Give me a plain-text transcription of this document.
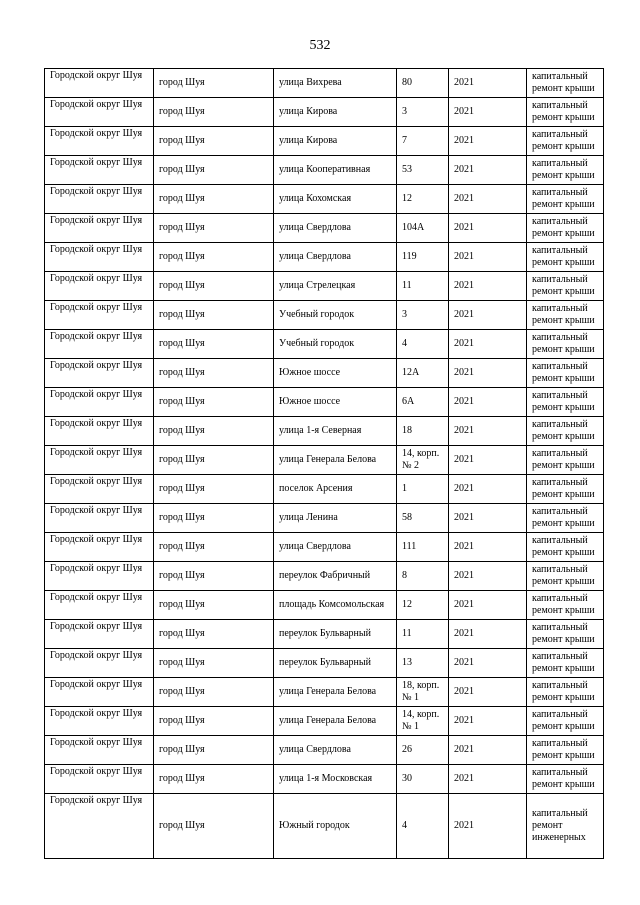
532
Городской округ Шуя	город Шуя	улица Вихрева	80	2021	капитальный ремонт крыши
Городской округ Шуя	город Шуя	улица Кирова	3	2021	капитальный ремонт крыши
Городской округ Шуя	город Шуя	улица Кирова	7	2021	капитальный ремонт крыши
Городской округ Шуя	город Шуя	улица Кооперативная	53	2021	капитальный ремонт крыши
Городской округ Шуя	город Шуя	улица Кохомская	12	2021	капитальный ремонт крыши
Городской округ Шуя	город Шуя	улица Свердлова	104А	2021	капитальный ремонт крыши
Городской округ Шуя	город Шуя	улица Свердлова	119	2021	капитальный ремонт крыши
Городской округ Шуя	город Шуя	улица Стрелецкая	11	2021	капитальный ремонт крыши
Городской округ Шуя	город Шуя	Учебный городок	3	2021	капитальный ремонт крыши
Городской округ Шуя	город Шуя	Учебный городок	4	2021	капитальный ремонт крыши
Городской округ Шуя	город Шуя	Южное шоссе	12А	2021	капитальный ремонт крыши
Городской округ Шуя	город Шуя	Южное шоссе	6А	2021	капитальный ремонт крыши
Городской округ Шуя	город Шуя	улица 1-я Северная	18	2021	капитальный ремонт крыши
Городской округ Шуя	город Шуя	улица Генерала Белова	14, корп. № 2	2021	капитальный ремонт крыши
Городской округ Шуя	город Шуя	поселок Арсения	1	2021	капитальный ремонт крыши
Городской округ Шуя	город Шуя	улица Ленина	58	2021	капитальный ремонт крыши
Городской округ Шуя	город Шуя	улица Свердлова	111	2021	капитальный ремонт крыши
Городской округ Шуя	город Шуя	переулок Фабричный	8	2021	капитальный ремонт крыши
Городской округ Шуя	город Шуя	площадь Комсомольская	12	2021	капитальный ремонт крыши
Городской округ Шуя	город Шуя	переулок Бульварный	11	2021	капитальный ремонт крыши
Городской округ Шуя	город Шуя	переулок Бульварный	13	2021	капитальный ремонт крыши
Городской округ Шуя	город Шуя	улица Генерала Белова	18, корп. № 1	2021	капитальный ремонт крыши
Городской округ Шуя	город Шуя	улица Генерала Белова	14, корп. № 1	2021	капитальный ремонт крыши
Городской округ Шуя	город Шуя	улица Свердлова	26	2021	капитальный ремонт крыши
Городской округ Шуя	город Шуя	улица 1-я Московская	30	2021	капитальный ремонт крыши
Городской округ Шуя	город Шуя	Южный городок	4	2021	капитальный ремонт инженерных
